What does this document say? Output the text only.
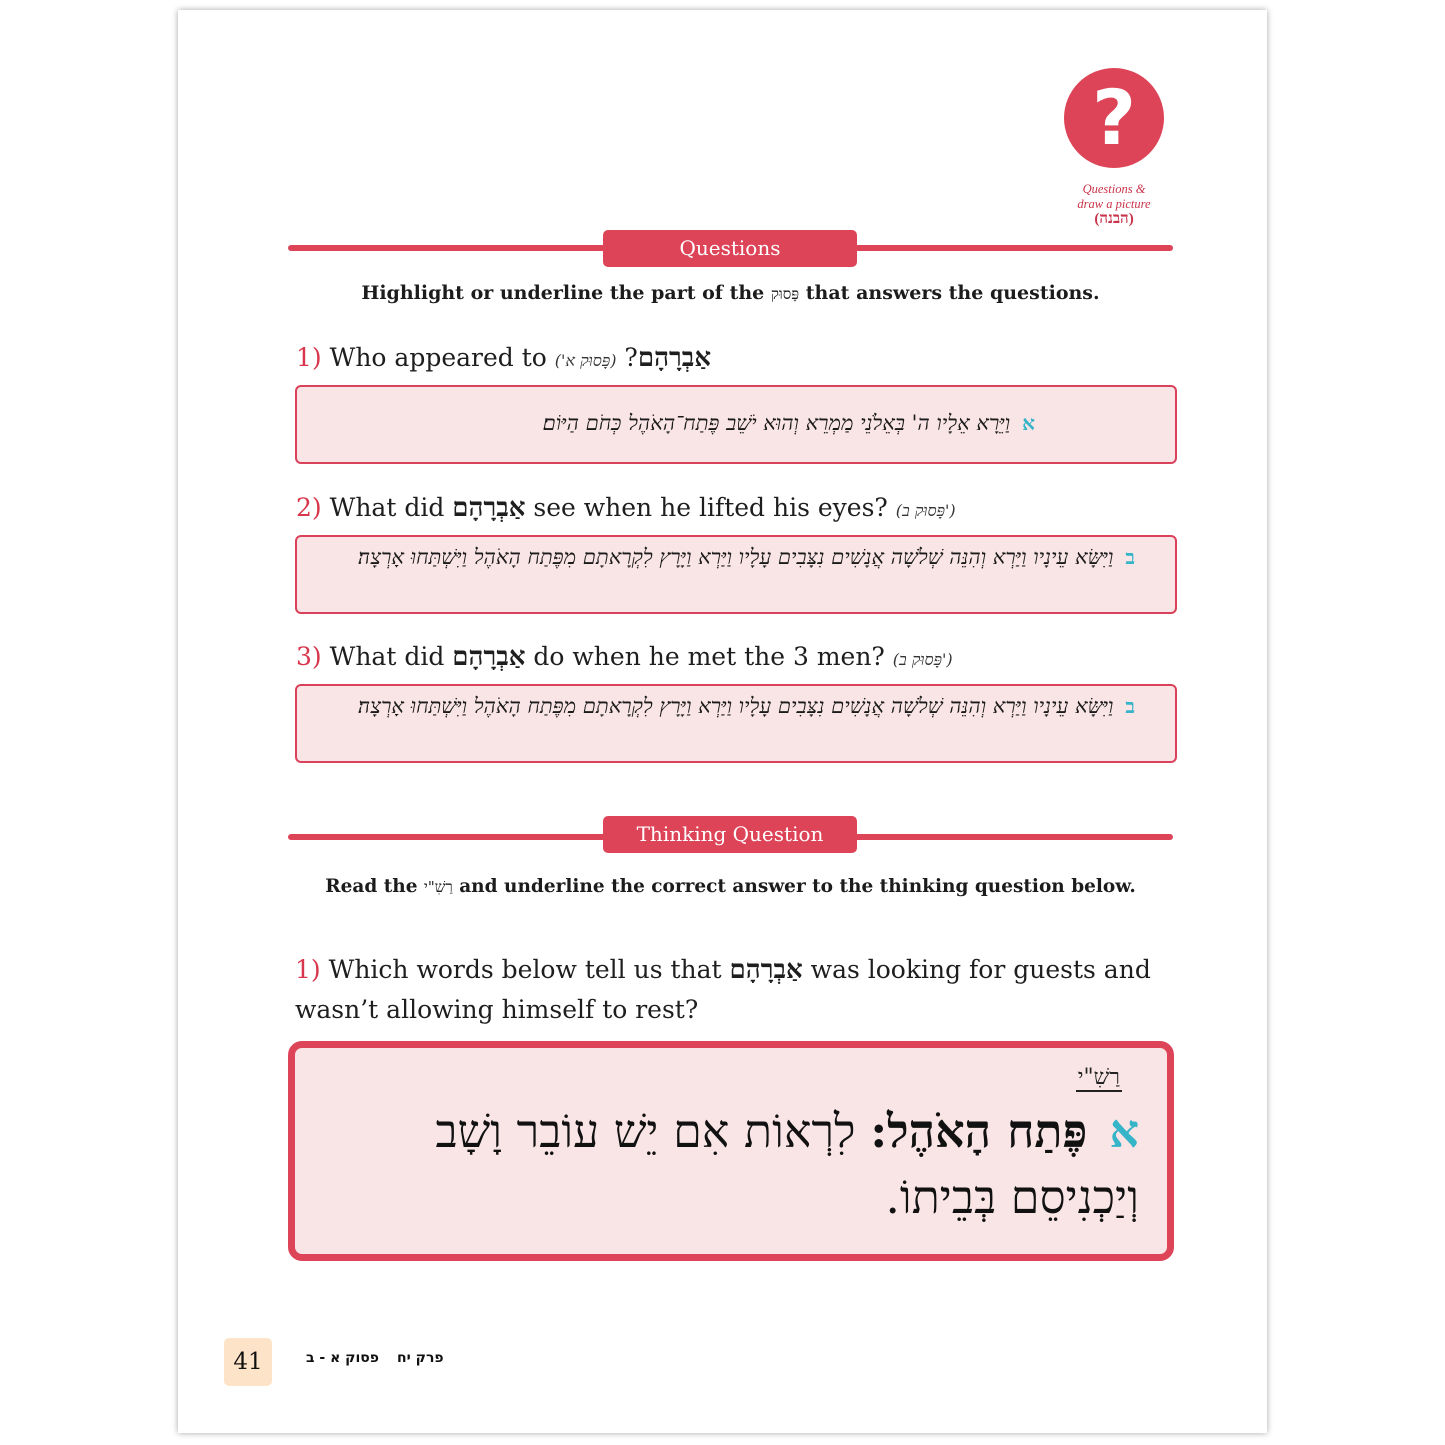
?
Questions &
draw a picture
(הבנה)
Questions
Highlight or underline the part of the פָּסוּק that answers the questions.
1) Who appeared to	אַבְרָהָם? (פָּסוּק א')
אוַיֵּרָא אֵלָיו ה' בְּאֵלֹנֵי מַמְרֵא וְהוּא יֹשֵׁב פֶּתַח־הָאֹהֶל כְּחֹם הַיּוֹם׃
2) What did אַבְרָהָם see when he lifted his eyes? (פָּסוּק ב')
בוַיִּשָּׂא עֵינָיו וַיַּרְא וְהִנֵּה שְׁלֹשָׁה אֲנָשִׁים נִצָּבִים עָלָיו וַיַּרְא וַיָּרָץ לִקְרָאתָם מִפֶּתַח הָאֹהֶל וַיִּשְׁתַּחוּ אָרְצָה׃
3) What did אַבְרָהָם do when he met the 3 men? (פָּסוּק ב')
בוַיִּשָּׂא עֵינָיו וַיַּרְא וְהִנֵּה שְׁלֹשָׁה אֲנָשִׁים נִצָּבִים עָלָיו וַיַּרְא וַיָּרָץ לִקְרָאתָם מִפֶּתַח הָאֹהֶל וַיִּשְׁתַּחוּ אָרְצָה׃
Thinking Question
Read the רַשִׁ"י and underline the correct answer to the thinking question below.
1) Which words below tell us that אַבְרָהָם was looking for guests and wasn’t allowing himself to rest?
רַשִׁ"י
אפֶּתַח הָאֹהֶל: לִרְאוֹת אִם יֵשׁ עוֹבֵר וָשָׁב וְיַכְנִיסֵם בְּבֵיתוֹ.
41	פרק יחפסוק א - ב
